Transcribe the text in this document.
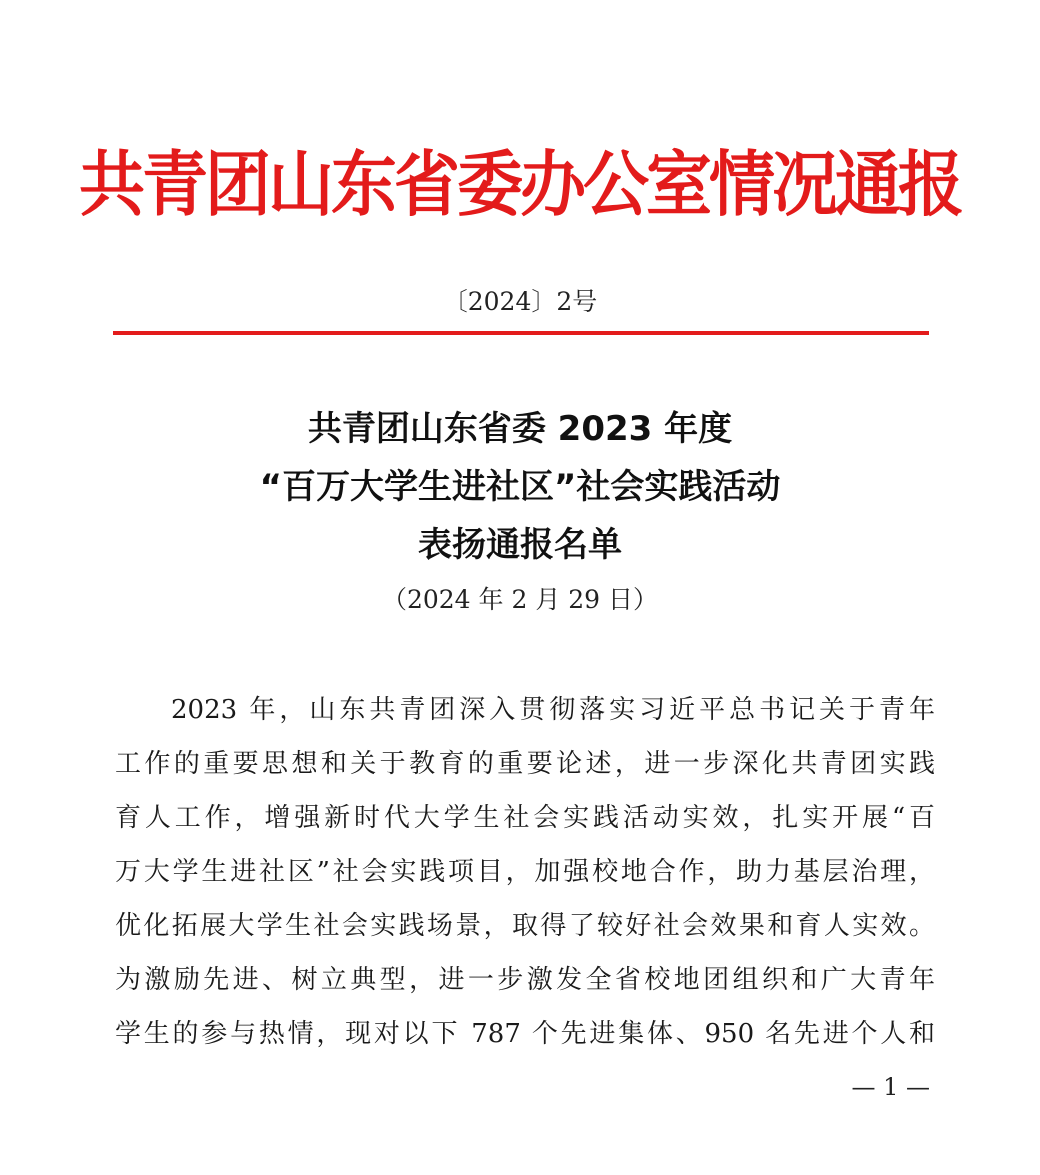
共青团山东省委办公室情况通报
〔2024〕2号
共青团山东省委 2023 年度
“百万大学生进社区”社会实践活动
表扬通报名单
（2024 年 2 月 29 日）
2023 年，山东共青团深入贯彻落实习近平总书记关于青年
工作的重要思想和关于教育的重要论述，进一步深化共青团实践
育人工作，增强新时代大学生社会实践活动实效，扎实开展“百
万大学生进社区”社会实践项目，加强校地合作，助力基层治理，
优化拓展大学生社会实践场景，取得了较好社会效果和育人实效。
为激励先进、树立典型，进一步激发全省校地团组织和广大青年
学生的参与热情，现对以下 787 个先进集体、950 名先进个人和
— 1 —
